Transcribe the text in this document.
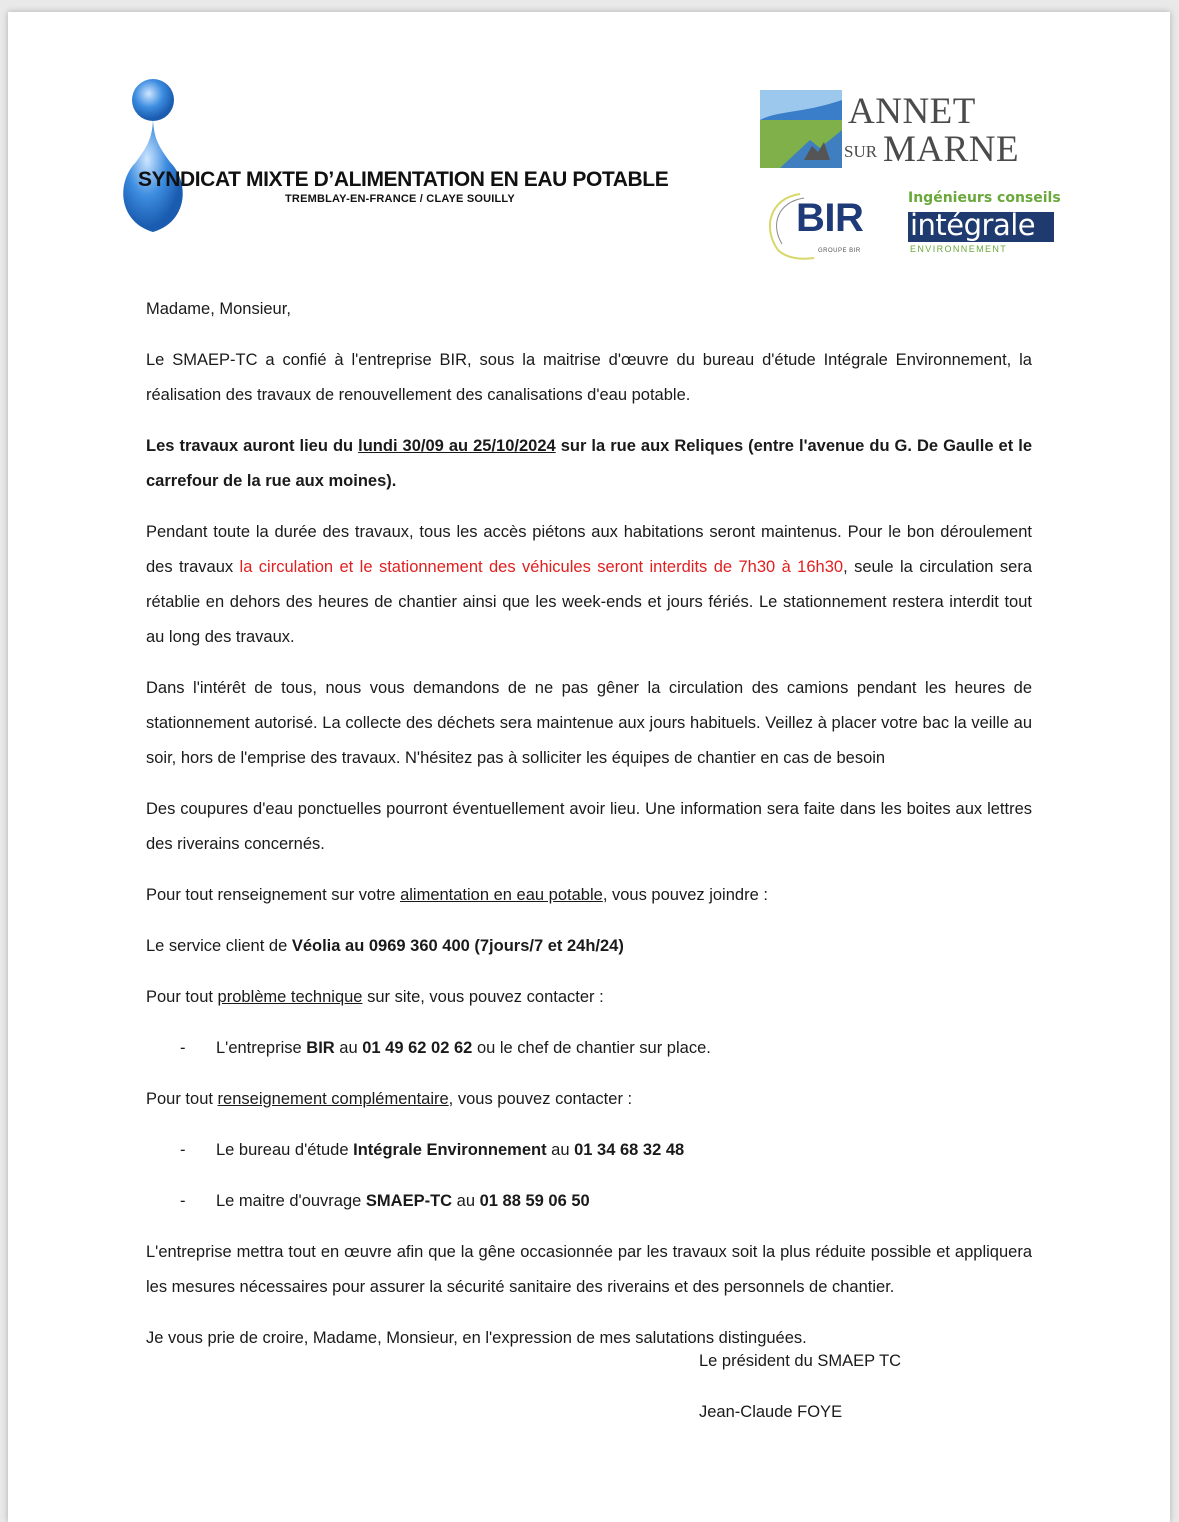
SYNDICAT MIXTE D’ALIMENTATION EN EAU POTABLE
TREMBLAY-EN-FRANCE / CLAYE SOUILLY
ANNET
SUR MARNE
BIR
GROUPE BIR
Ingénieurs conseils
intégrale
ENVIRONNEMENT

Madame, Monsieur,

Le SMAEP-TC a confié à l'entreprise BIR, sous la maitrise d'œuvre du bureau d'étude Intégrale Environnement, la réalisation des travaux de renouvellement des canalisations d'eau potable.

Les travaux auront lieu du lundi 30/09 au 25/10/2024 sur la rue aux Reliques (entre l'avenue du G. De Gaulle et le carrefour de la rue aux moines).

Pendant toute la durée des travaux, tous les accès piétons aux habitations seront maintenus. Pour le bon déroulement des travaux la circulation et le stationnement des véhicules seront interdits de 7h30 à 16h30, seule la circulation sera rétablie en dehors des heures de chantier ainsi que les week-ends et jours fériés. Le stationnement restera interdit tout au long des travaux.

Dans l'intérêt de tous, nous vous demandons de ne pas gêner la circulation des camions pendant les heures de stationnement autorisé. La collecte des déchets sera maintenue aux jours habituels. Veillez à placer votre bac la veille au soir, hors de l'emprise des travaux. N'hésitez pas à solliciter les équipes de chantier en cas de besoin

Des coupures d'eau ponctuelles pourront éventuellement avoir lieu. Une information sera faite dans les boites aux lettres des riverains concernés.

Pour tout renseignement sur votre alimentation en eau potable, vous pouvez joindre :

Le service client de Véolia au 0969 360 400 (7jours/7 et 24h/24)

Pour tout problème technique sur site, vous pouvez contacter :

- L'entreprise BIR au 01 49 62 02 62 ou le chef de chantier sur place.

Pour tout renseignement complémentaire, vous pouvez contacter :

- Le bureau d'étude Intégrale Environnement au 01 34 68 32 48

- Le maitre d'ouvrage SMAEP-TC au 01 88 59 06 50

L'entreprise mettra tout en œuvre afin que la gêne occasionnée par les travaux soit la plus réduite possible et appliquera les mesures nécessaires pour assurer la sécurité sanitaire des riverains et des personnels de chantier.

Je vous prie de croire, Madame, Monsieur, en l'expression de mes salutations distinguées.

Le président du SMAEP TC
Jean-Claude FOYE
